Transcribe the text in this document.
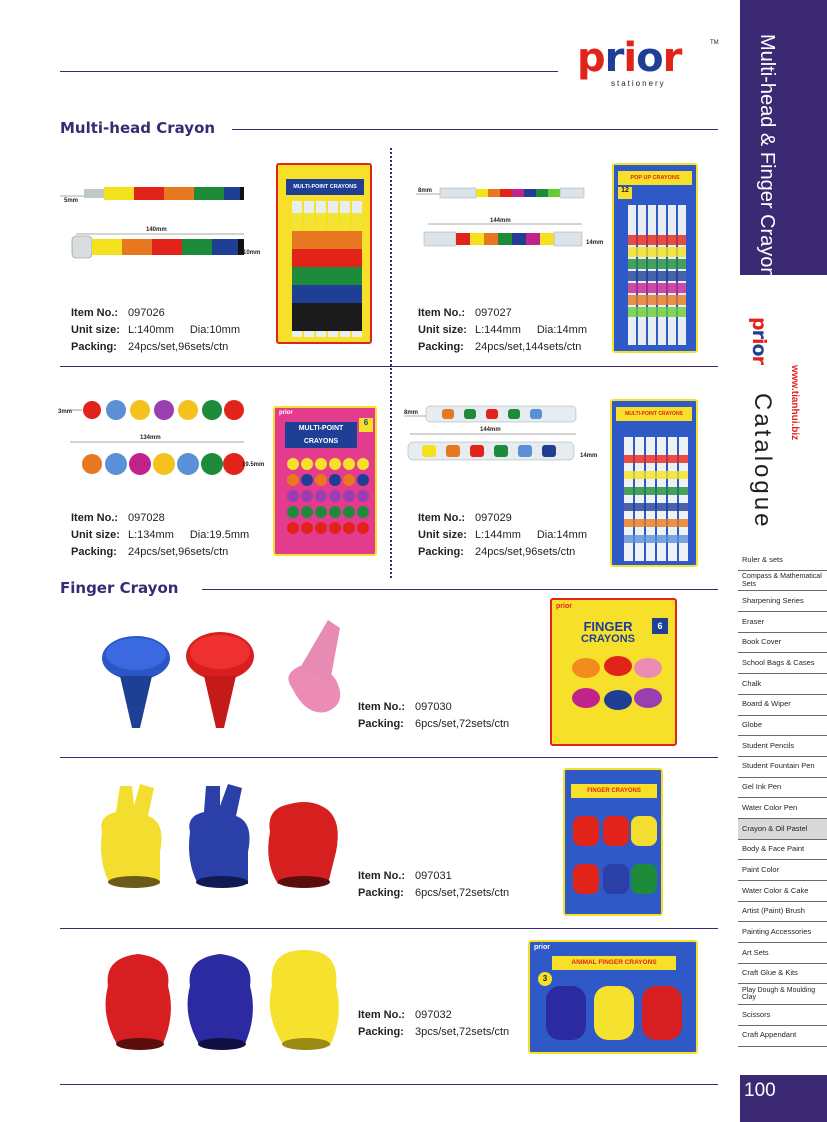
prior	TM
stationery	Multi-head & Finger Crayon
prior
Catalogue	www.tianhui.biz
Ruler & sets
Compass & Mathematical Sets
Sharpening Series
Eraser
Book Cover
School Bags & Cases
Chalk
Board & Wiper
Globe
Student Pencils
Student Fountain Pen
Gel Ink Pen
Water Color Pen
Crayon & Oil Pastel
Body & Face Paint
Paint Color
Water Color & Cake
Artist (Paint) Brush
Painting Accessories
Art Sets
Craft Glue & Kits
Play Dough & Moulding Clay
Scissors
Craft Appendant
100
Multi-head Crayon
5mm
140mm
10mm
MULTI-POINT CRAYONS
Item No.: 097026
Unit size: L:140mm Dia:10mm
Packing:	24pcs/set,96sets/ctn
8mm
144mm
14mm
POP UP CRAYONS
12
Item No.: 097027
Unit size: L:144mm Dia:14mm
Packing:	24pcs/set,144sets/ctn
3mm
134mm
19.5mm
prior
MULTI-POINT
CRAYONS
6
Item No.: 097028
Unit size: L:134mm Dia:19.5mm
Packing:	24pcs/set,96sets/ctn
8mm
144mm
14mm
MULTI-POINT CRAYONS
Item No.: 097029
Unit size: L:144mm Dia:14mm
Packing:	24pcs/set,96sets/ctn
Finger Crayon
prior
FINGER
CRAYONS
6
Item No.: 097030
Packing:	6pcs/set,72sets/ctn
FINGER CRAYONS
Item No.: 097031
Packing:	6pcs/set,72sets/ctn
prior
ANIMAL FINGER CRAYONS
3
Item No.: 097032
Packing:	3pcs/set,72sets/ctn
